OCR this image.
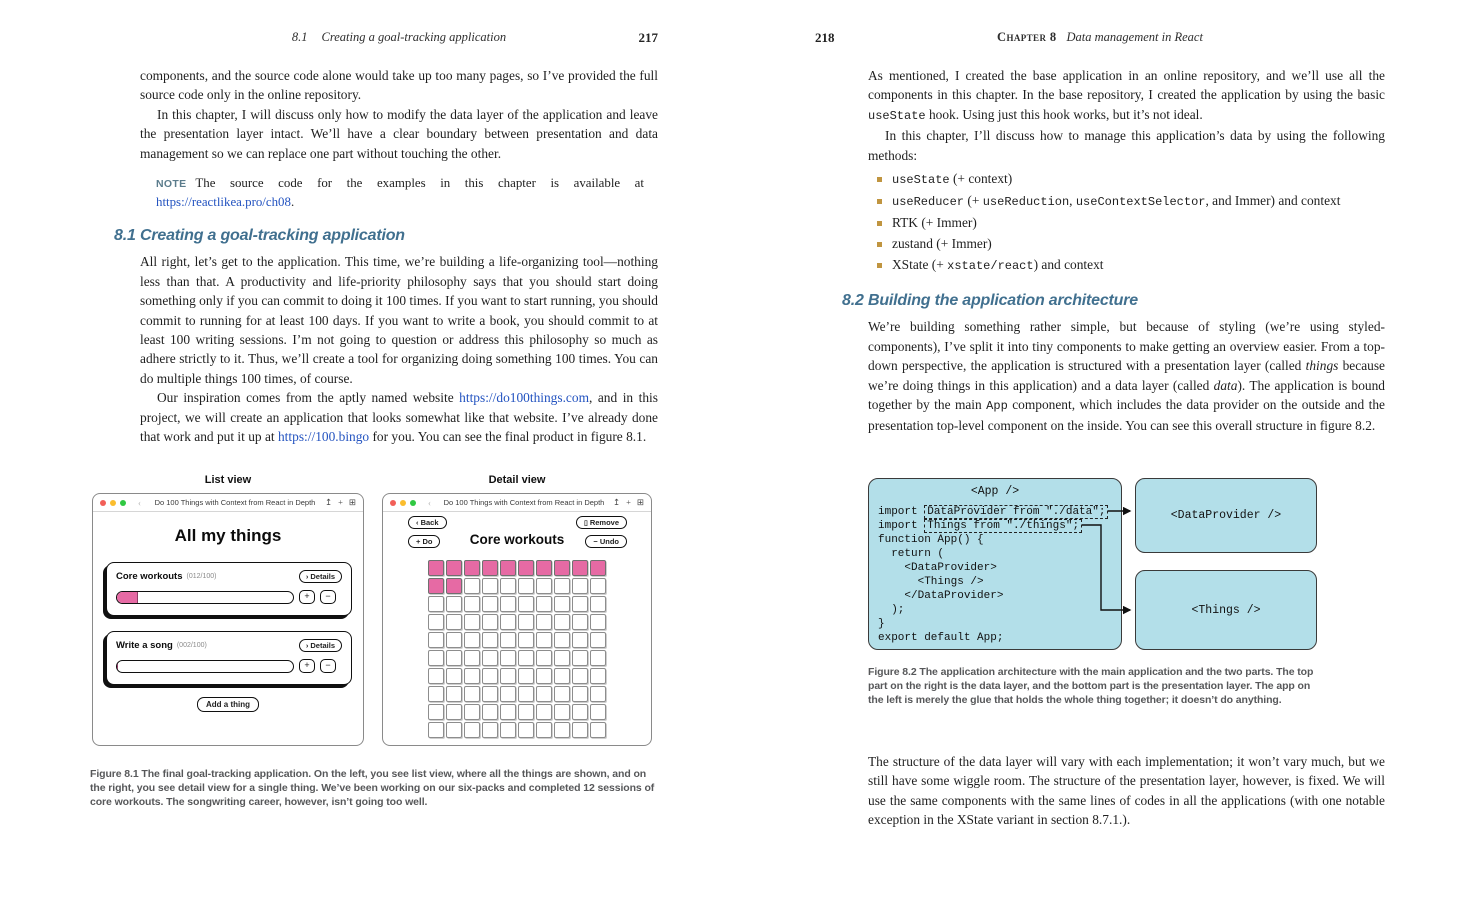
8.1 Creating a goal-tracking application	217

components, and the source code alone would take up too many pages, so I’ve provided the full source code only in the online repository.

In this chapter, I will discuss only how to modify the data layer of the application and leave the presentation layer intact. We’ll have a clear boundary between presentation and data management so we can replace one part without touching the other.

NOTE The source code for the examples in this chapter is available at https://reactlikea.pro/ch08.

8.1 Creating a goal-tracking application

All right, let’s get to the application. This time, we’re building a life-organizing tool—nothing less than that. A productivity and life-priority philosophy says that you should start doing something only if you can commit to doing it 100 times. If you want to start running, you should commit to running for at least 100 days. If you want to write a book, you should commit to at least 100 writing sessions. I’m not going to question or address this philosophy so much as adhere strictly to it. Thus, we’ll create a tool for organizing doing something 100 times. You can do multiple things 100 times, of course.

Our inspiration comes from the aptly named website https://do100things.com, and in this project, we will create an application that looks somewhat like that website. I’ve already done that work and put it up at https://100.bingo for you. You can see the final product in figure 8.1.

List view	Detail view
‹	Do 100 Things with Context from React in Depth	↥ + ⊞
All my things
Core workouts (012/100)	› Details
+	−
Write a song (002/100)	› Details
+	−
Add a thing
‹	Do 100 Things with Context from React in Depth	↥ + ⊞
‹ Back	▯ Remove
+ Do	− Undo
Core workouts
Figure 8.1 The final goal-tracking application. On the left, you see list view, where all the things are shown, and on the right, you see detail view for a single thing. We’ve been working on our six-packs and completed 12 sessions of core workouts. The songwriting career, however, isn’t going too well.
218	Chapter 8 Data management in React

As mentioned, I created the base application in an online repository, and we’ll use all the components in this chapter. In the base repository, I created the application by using the basic useState hook. Using just this hook works, but it’s not ideal.

In this chapter, I’ll discuss how to manage this application’s data by using the following methods:

useState (+ context)
useReducer (+ useReduction, useContextSelector, and Immer) and context
RTK (+ Immer)
zustand (+ Immer)
XState (+ xstate/react) and context
8.2 Building the application architecture

We’re building something rather simple, but because of styling (we’re using styled-components), I’ve split it into tiny components to make getting an overview easier. From a top-down perspective, the application is structured with a presentation layer (called things because we’re doing things in this application) and a data layer (called data). The application is bound together by the main App component, which includes the data provider on the outside and the presentation top-level component on the inside. You can see this overall structure in figure 8.2.

<App />
import DataProvider from "./data";
import Things from "./things";
function App() {
return (
<DataProvider>
<Things />
</DataProvider>
);
}
export default App;
<DataProvider />
<Things />
Figure 8.2 The application architecture with the main application and the two parts. The top part on the right is the data layer, and the bottom part is the presentation layer. The app on the left is merely the glue that holds the whole thing together; it doesn’t do anything.

The structure of the data layer will vary with each implementation; it won’t vary much, but we still have some wiggle room. The structure of the presentation layer, however, is fixed. We will use the same components with the same lines of codes in all the applications (with one notable exception in the XState variant in section 8.7.1.).
